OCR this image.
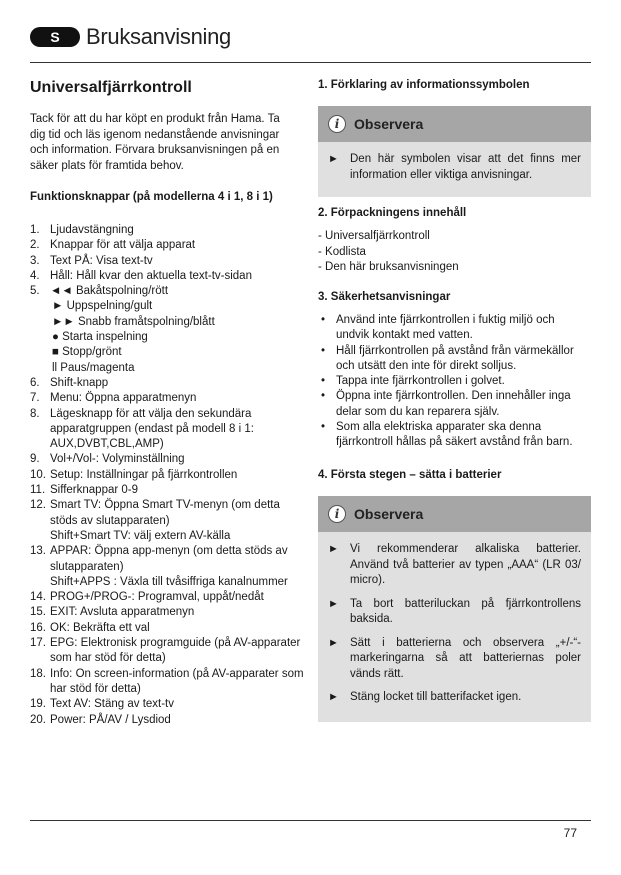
S	Bruksanvisning
Universalfjärrkontroll
Tack för att du har köpt en produkt från Hama. Ta dig tid och läs igenom nedanstående anvisningar och information. Förvara bruksanvisningen på en säker plats för framtida behov.
Funktionsknappar (på modellerna 4 i 1, 8 i 1)
1. Ljudavstängning
2. Knappar för att välja apparat
3. Text PÅ: Visa text-tv
4. Håll: Håll kvar den aktuella text-tv-sidan
5. ◄◄ Bakåtspolning/rött
► Uppspelning/gult
►► Snabb framåtspolning/blått
● Starta inspelning
■ Stopp/grönt
ll Paus/magenta
6. Shift-knapp
7. Menu: Öppna apparatmenyn
8. Lägesknapp för att välja den sekundära apparatgruppen (endast på modell 8 i 1: AUX,DVBT,CBL,AMP)
9. Vol+/Vol-: Volyminställning
10. Setup: Inställningar på fjärrkontrollen
11. Sifferknappar 0-9
12. Smart TV: Öppna Smart TV-menyn (om detta stöds av slutapparaten)
Shift+Smart TV: välj extern AV-källa
13. APPAR: Öppna app-menyn (om detta stöds av slutapparaten)
Shift+APPS : Växla till tvåsiffriga kanalnummer
14. PROG+/PROG-: Programval, uppåt/nedåt
15. EXIT: Avsluta apparatmenyn
16. OK: Bekräfta ett val
17. EPG: Elektronisk programguide (på AV-apparater som har stöd för detta)
18. Info: On screen-information (på AV-apparater som har stöd för detta)
19. Text AV: Stäng av text-tv
20. Power: PÅ/AV / Lysdiod
1. Förklaring av informationssymbolen
i	Observera
► Den här symbolen visar att det finns mer information eller viktiga anvisningar.
2. Förpackningens innehåll
- Universalfjärrkontroll
- Kodlista
- Den här bruksanvisningen
3. Säkerhetsanvisningar
• Använd inte fjärrkontrollen i fuktig miljö och undvik kontakt med vatten.
• Håll fjärrkontrollen på avstånd från värmekällor och utsätt den inte för direkt solljus.
• Tappa inte fjärrkontrollen i golvet.
• Öppna inte fjärrkontrollen. Den innehåller inga delar som du kan reparera själv.
• Som alla elektriska apparater ska denna fjärrkontroll hållas på säkert avstånd från barn.
4. Första stegen – sätta i batterier
i	Observera
► Vi rekommenderar alkaliska batterier. Använd två batterier av typen „AAA“ (LR 03/ micro).
► Ta bort batteriluckan på fjärrkontrollens baksida.
► Sätt i batterierna och observera „+/-“-markeringarna så att batteriernas poler vänds rätt.
► Stäng locket till batterifacket igen.
77
